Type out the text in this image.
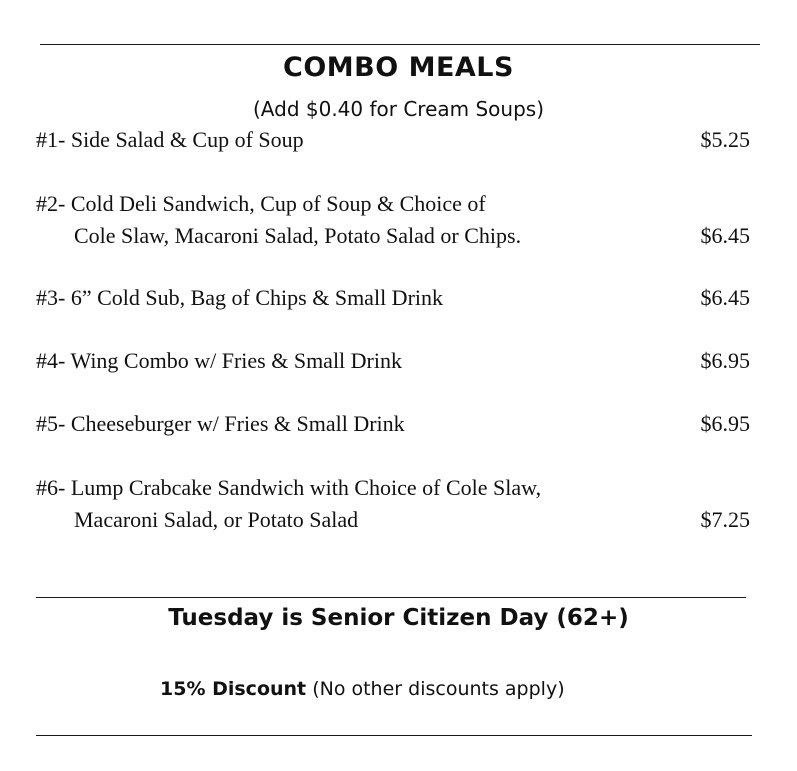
COMBO MEALS
(Add $0.40 for Cream Soups)
#1- Side Salad & Cup of Soup	$5.25
#2- Cold Deli Sandwich, Cup of Soup & Choice of
Cole Slaw, Macaroni Salad, Potato Salad or Chips.	$6.45
#3- 6” Cold Sub, Bag of Chips & Small Drink	$6.45
#4- Wing Combo w/ Fries & Small Drink	$6.95
#5- Cheeseburger w/ Fries & Small Drink	$6.95
#6- Lump Crabcake Sandwich with Choice of Cole Slaw,
Macaroni Salad, or Potato Salad	$7.25
Tuesday is Senior Citizen Day (62+)
15% Discount (No other discounts apply)
